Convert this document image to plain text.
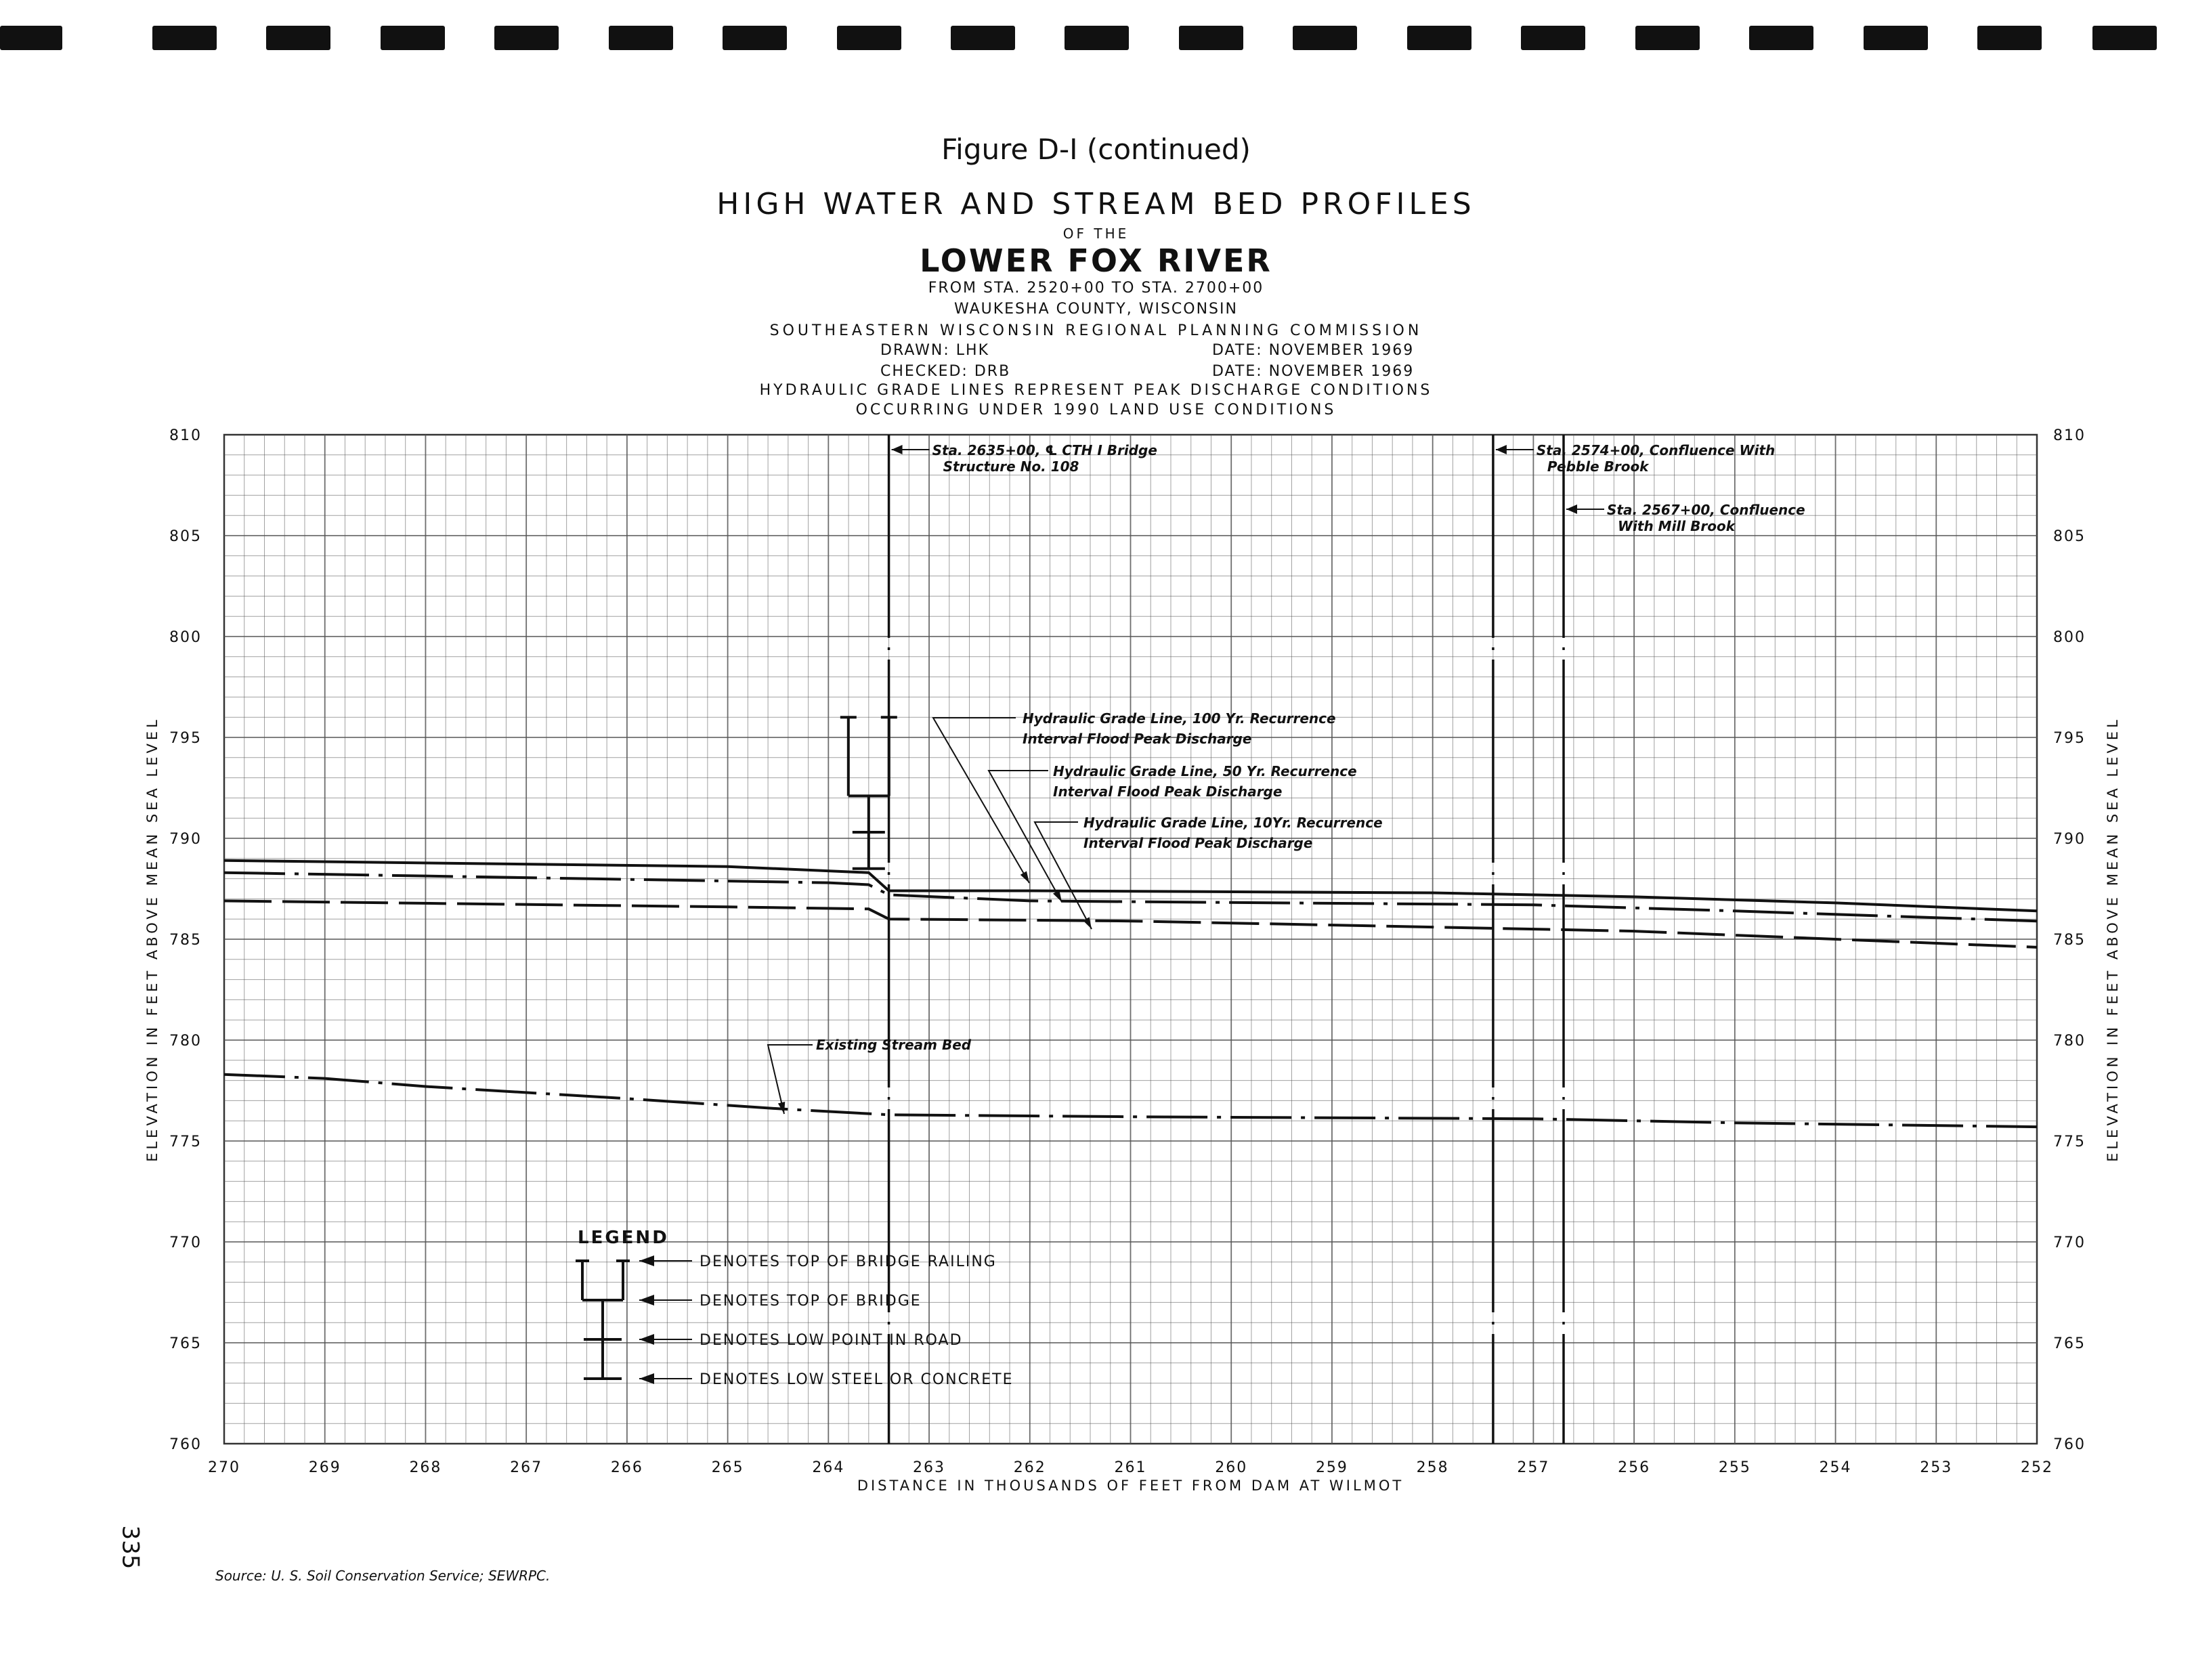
Figure D-I (continued)
HIGH WATER AND STREAM BED PROFILES
OF THE
LOWER FOX RIVER
FROM STA. 2520+00 TO STA. 2700+00
WAUKESHA COUNTY, WISCONSIN
SOUTHEASTERN WISCONSIN REGIONAL PLANNING COMMISSION
DRAWN: LHK	DATE: NOVEMBER 1969
CHECKED: DRB	DATE: NOVEMBER 1969
HYDRAULIC GRADE LINES REPRESENT PEAK DISCHARGE CONDITIONS
OCCURRING UNDER 1990 LAND USE CONDITIONS
Sta. 2635+00, ℄ CTH I Bridge
Structure No. 108
Sta. 2574+00, Confluence With
Pebble Brook
Sta. 2567+00, Confluence
With Mill Brook
810	810
805	805
800	800
795	795
790	790
785	785
780	780
775	775
770	770
765	765
760	760
270	269	268	267	266	265	264	263	262	261	260	259	258	257	256	255	254	253	252
DISTANCE IN THOUSANDS OF FEET FROM DAM AT WILMOT
ELEVATION IN FEET ABOVE MEAN SEA LEVEL	ELEVATION IN FEET ABOVE MEAN SEA LEVEL
Hydraulic Grade Line, 100 Yr. Recurrence
Interval Flood Peak Discharge
Hydraulic Grade Line, 50 Yr. Recurrence
Interval Flood Peak Discharge
Hydraulic Grade Line, 10Yr. Recurrence
Interval Flood Peak Discharge
Existing Stream Bed
LEGEND
DENOTES TOP OF BRIDGE RAILING
DENOTES TOP OF BRIDGE
DENOTES LOW POINT IN ROAD
DENOTES LOW STEEL OR CONCRETE
335
Source: U. S. Soil Conservation Service; SEWRPC.
